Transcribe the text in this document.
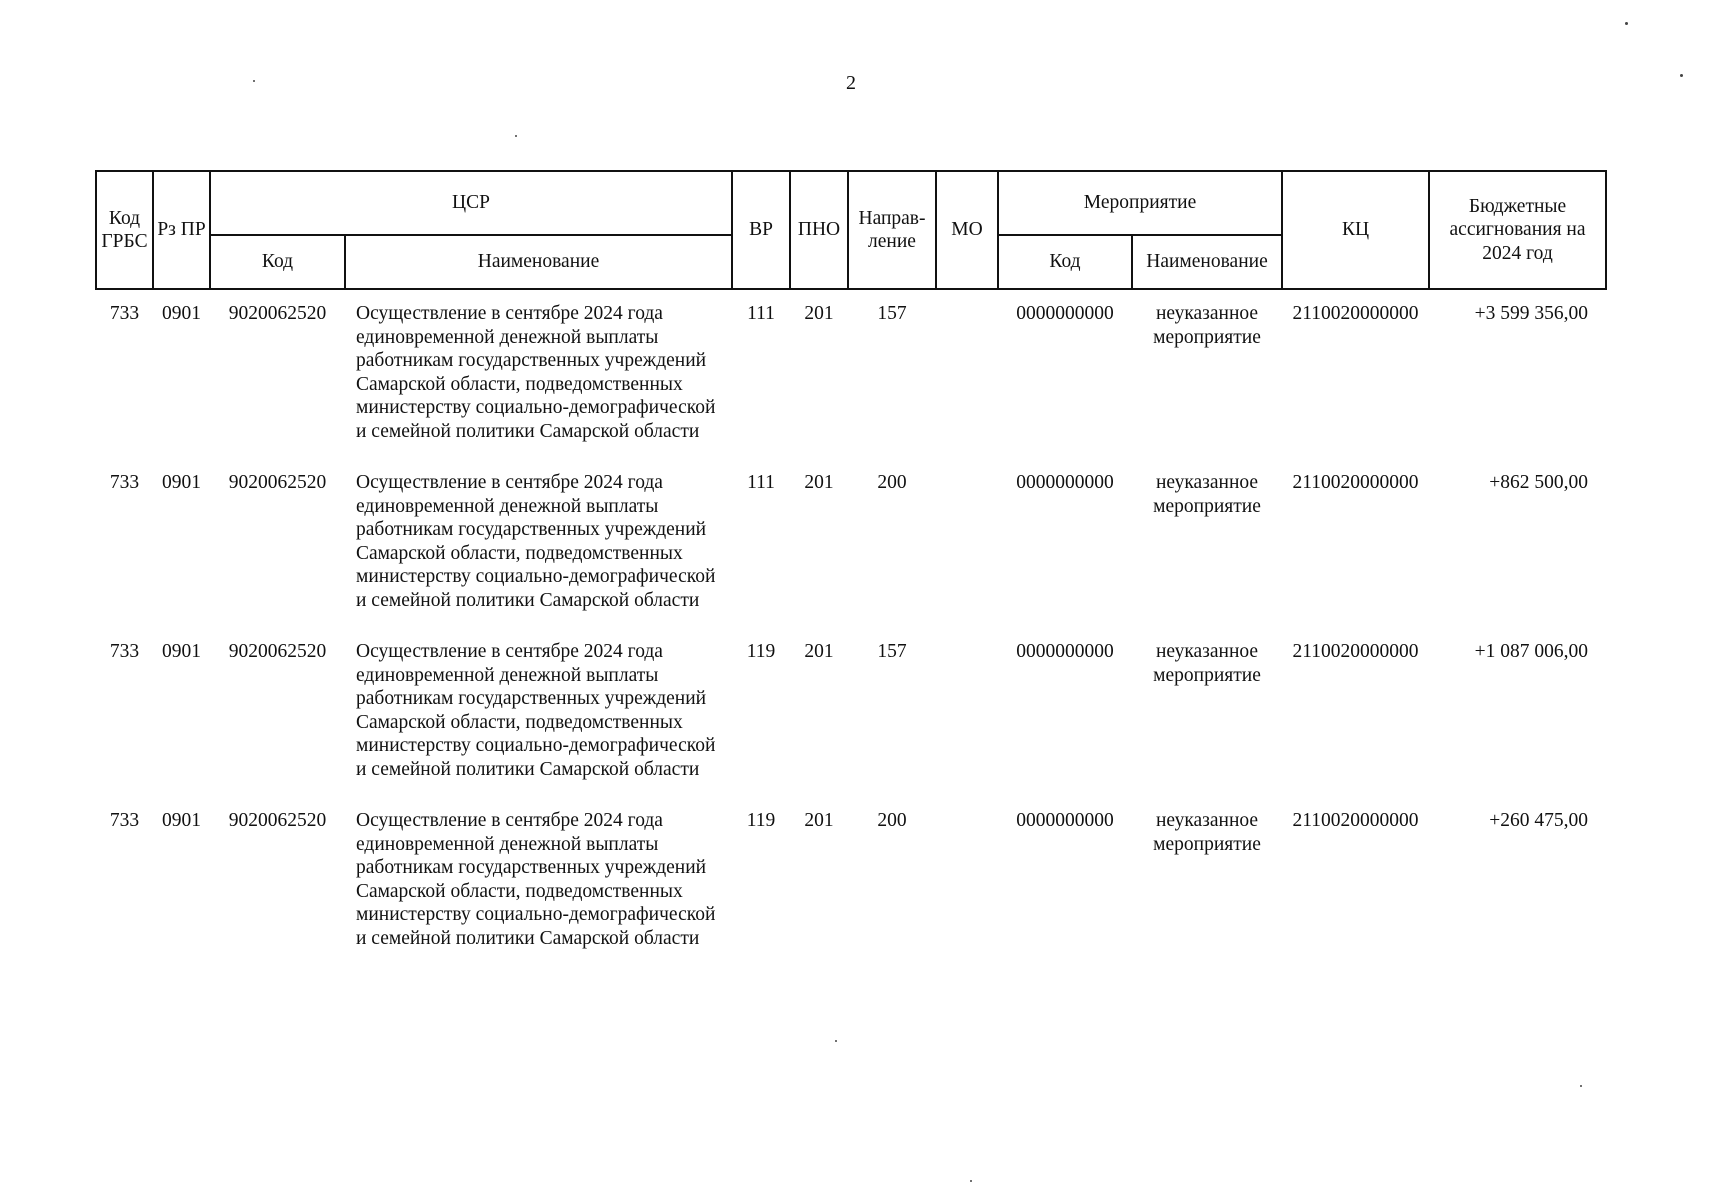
2
Код ГРБС	Рз ПР	ЦСР		ВР	ПНО	Направ-ление	МО	Мероприятие		КЦ	Бюджетные ассигнования на 2024 год
		Код	Наименование					Код	Наименование		
733	0901	9020062520	Осуществление в сентябре 2024 года единовременной денежной выплаты работникам государственных учреждений Самарской области, подведомственных министерству социально-демографической и семейной политики Самарской области	111	201	157		0000000000	неуказанное мероприятие	2110020000000	+3 599 356,00
733	0901	9020062520	Осуществление в сентябре 2024 года единовременной денежной выплаты работникам государственных учреждений Самарской области, подведомственных министерству социально-демографической и семейной политики Самарской области	111	201	200		0000000000	неуказанное мероприятие	2110020000000	+862 500,00
733	0901	9020062520	Осуществление в сентябре 2024 года единовременной денежной выплаты работникам государственных учреждений Самарской области, подведомственных министерству социально-демографической и семейной политики Самарской области	119	201	157		0000000000	неуказанное мероприятие	2110020000000	+1 087 006,00
733	0901	9020062520	Осуществление в сентябре 2024 года единовременной денежной выплаты работникам государственных учреждений Самарской области, подведомственных министерству социально-демографической и семейной политики Самарской области	119	201	200		0000000000	неуказанное мероприятие	2110020000000	+260 475,00
